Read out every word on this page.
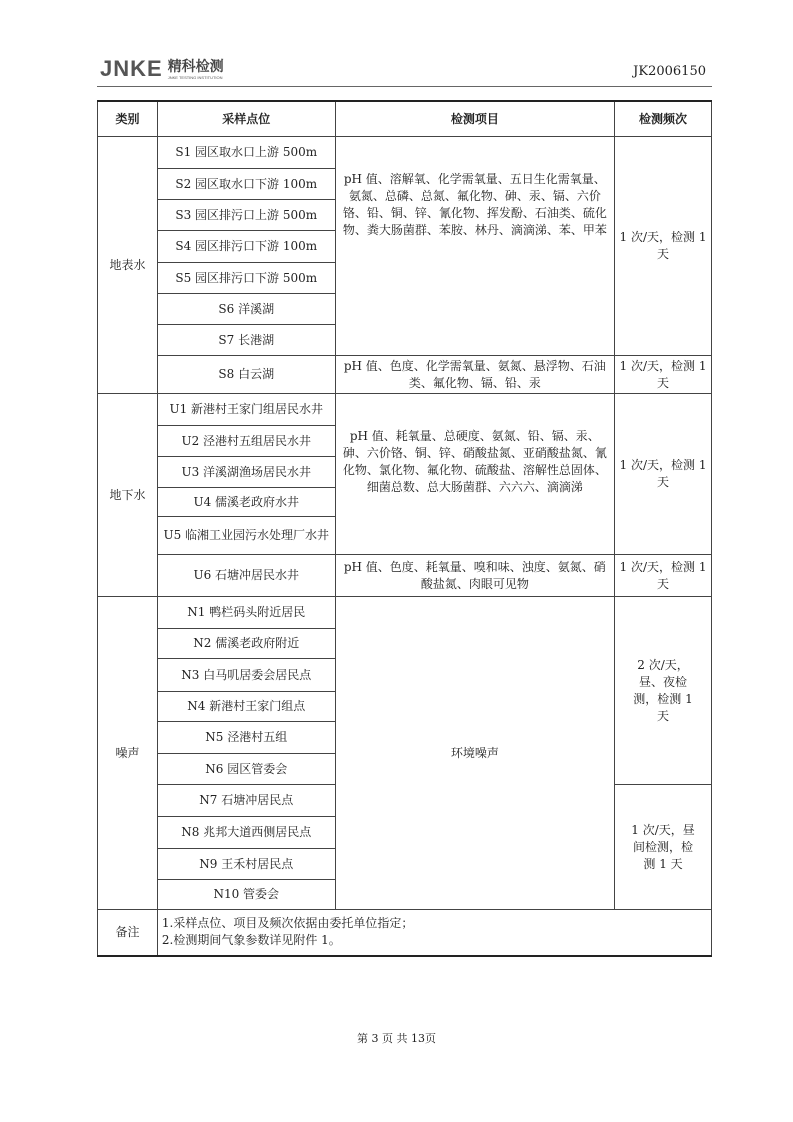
JNKE 精科检测
JNKE TESTING INSTITUTION	JK2006150
类别	采样点位	检测项目	检测频次
地表水	S1 园区取水口上游 500m	pH 值、溶解氧、化学需氧量、五日生化需氧量、氨氮、总磷、总氮、氟化物、砷、汞、镉、六价铬、铅、铜、锌、氰化物、挥发酚、石油类、硫化物、粪大肠菌群、苯胺、林丹、滴滴涕、苯、甲苯	1 次/天，检测 1 天
	S2 园区取水口下游 100m		
	S3 园区排污口上游 500m		
	S4 园区排污口下游 100m		
	S5 园区排污口下游 500m		
	S6 洋溪湖		
	S7 长港湖		
	S8 白云湖	pH 值、色度、化学需氧量、氨氮、悬浮物、石油类、氟化物、镉、铅、汞	1 次/天，检测 1 天
地下水	U1 新港村王家门组居民水井	pH 值、耗氧量、总硬度、氨氮、铅、镉、汞、砷、六价铬、铜、锌、硝酸盐氮、亚硝酸盐氮、氰化物、氯化物、氟化物、硫酸盐、溶解性总固体、细菌总数、总大肠菌群、六六六、滴滴涕	1 次/天，检测 1 天
	U2 泾港村五组居民水井		
	U3 洋溪湖渔场居民水井		
	U4 儒溪老政府水井		
	U5 临湘工业园污水处理厂水井		
	U6 石塘冲居民水井	pH 值、色度、耗氧量、嗅和味、浊度、氨氮、硝酸盐氮、肉眼可见物	1 次/天，检测 1 天
噪声	N1 鸭栏码头附近居民	环境噪声	2 次/天，昼、夜检测，检测 1 天
	N2 儒溪老政府附近		
	N3 白马叽居委会居民点		
	N4 新港村王家门组点		
	N5 泾港村五组		
	N6 园区管委会		
	N7 石塘冲居民点		1 次/天，昼间检测，检测 1 天
	N8 兆邦大道西侧居民点		
	N9 王禾村居民点		
	N10 管委会		
备注	1.采样点位、项目及频次依据由委托单位指定；
2.检测期间气象参数详见附件 1。		
第 3 页 共 13页
